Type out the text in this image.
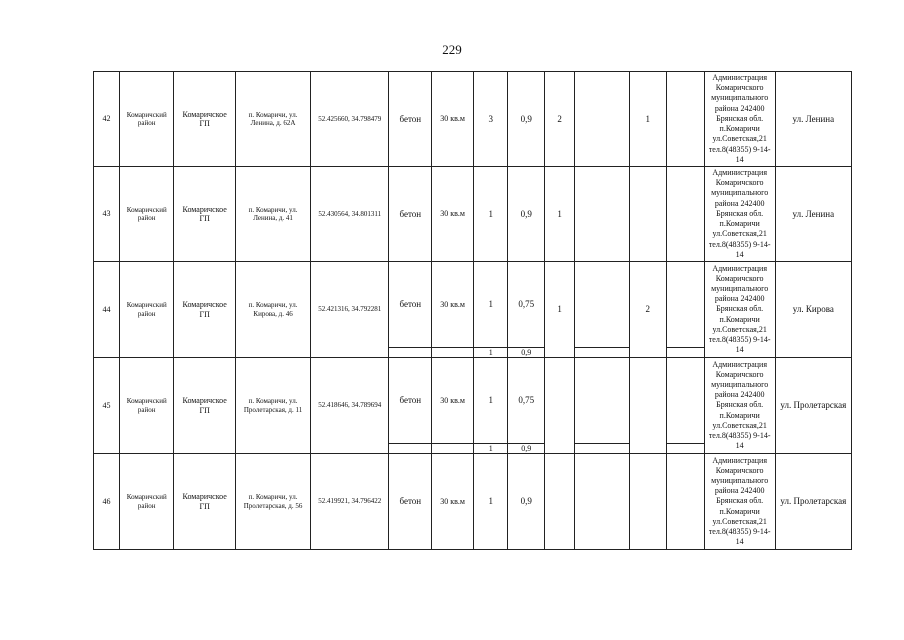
229
42	Комаричский район	Комаричское ГП	п. Комаричи, ул. Ленина, д. 62А	52.425660, 34.798479	бетон	30 кв.м	3	0,9	2		1		Администрация Комаричского муниципального района 242400 Брянская обл. п.Комаричи ул.Советская,21 тел.8(48355) 9-14-14	ул. Ленина
43	Комаричский район	Комаричское ГП	п. Комаричи, ул. Ленина, д. 41	52.430564, 34.801311	бетон	30 кв.м	1	0,9	1				Администрация Комаричского муниципального района 242400 Брянская обл. п.Комаричи ул.Советская,21 тел.8(48355) 9-14-14	ул. Ленина
44	Комаричский район	Комаричское ГП	п. Комаричи, ул. Кирова, д. 46	52.421316, 34.792281	бетон	30 кв.м	1	0,75	1		2		Администрация Комаричского муниципального района 242400 Брянская обл. п.Комаричи ул.Советская,21 тел.8(48355) 9-14-14	ул. Кирова
							1	0,9						
45	Комаричский район	Комаричское ГП	п. Комаричи, ул. Пролетарская, д. 11	52.418646, 34.789694	бетон	30 кв.м	1	0,75					Администрация Комаричского муниципального района 242400 Брянская обл. п.Комаричи ул.Советская,21 тел.8(48355) 9-14-14	ул. Пролетарская
							1	0,9						
46	Комаричский район	Комаричское ГП	п. Комаричи, ул. Пролетарская, д. 56	52.419921, 34.796422	бетон	30 кв.м	1	0,9					Администрация Комаричского муниципального района 242400 Брянская обл. п.Комаричи ул.Советская,21 тел.8(48355) 9-14-14	ул. Пролетарская
